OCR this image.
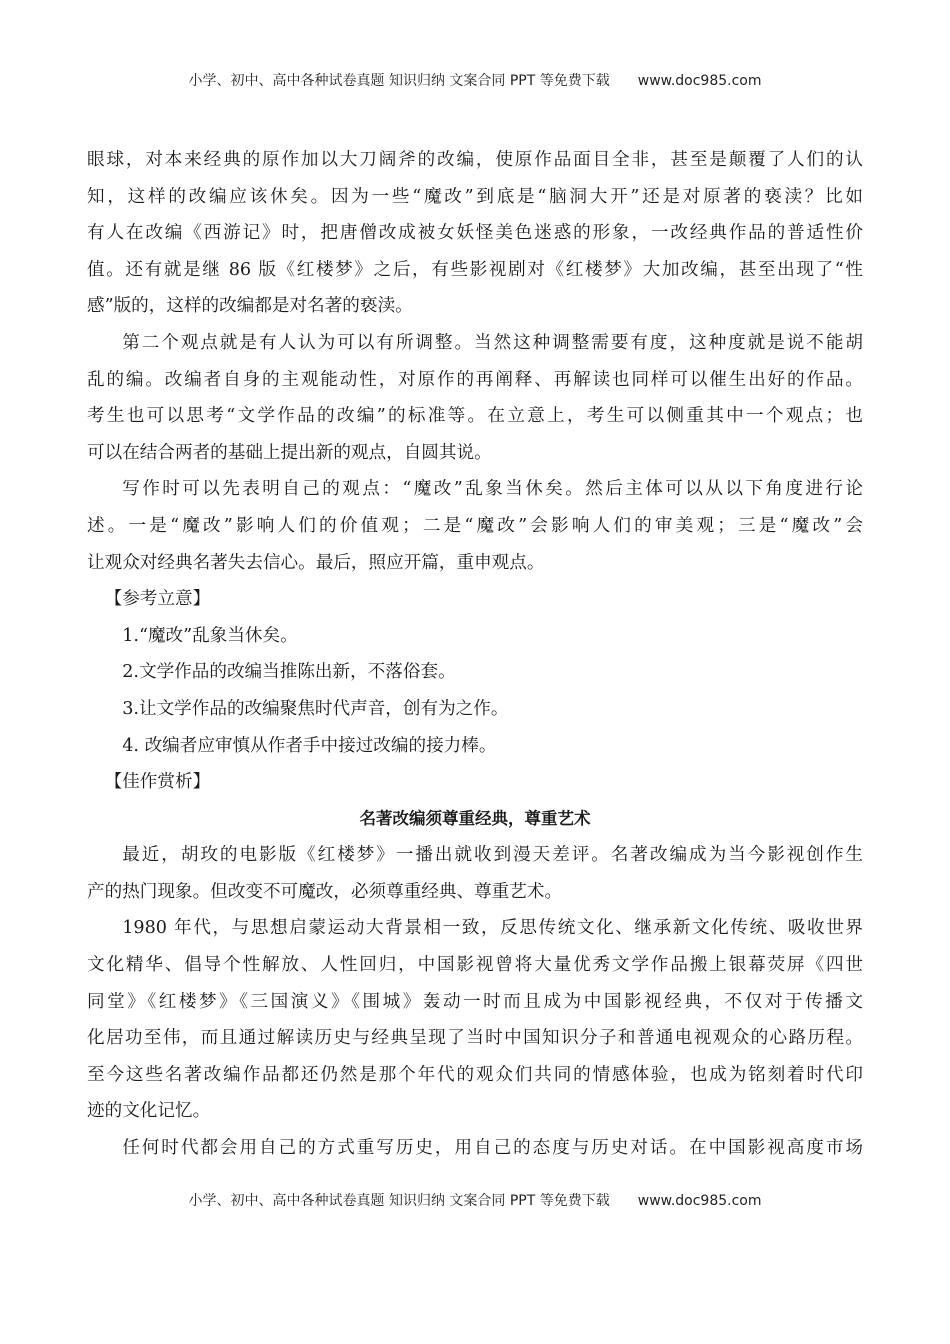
小学、初中、高中各种试卷真题 知识归纳 文案合同 PPT 等免费下载 www.doc985.com

眼球，对本来经典的原作加以大刀阔斧的改编，使原作品面目全非，甚至是颠覆了人们的认
知，这样的改编应该休矣。因为一些“魔改”到底是“脑洞大开”还是对原著的亵渎？比如
有人在改编《西游记》时，把唐僧改成被女妖怪美色迷惑的形象，一改经典作品的普适性价
值。还有就是继 86 版《红楼梦》之后，有些影视剧对《红楼梦》大加改编，甚至出现了“性
感”版的，这样的改编都是对名著的亵渎。

第二个观点就是有人认为可以有所调整。当然这种调整需要有度，这种度就是说不能胡
乱的编。改编者自身的主观能动性，对原作的再阐释、再解读也同样可以催生出好的作品。
考生也可以思考“文学作品的改编”的标准等。在立意上，考生可以侧重其中一个观点；也
可以在结合两者的基础上提出新的观点，自圆其说。

写作时可以先表明自己的观点：“魔改”乱象当休矣。然后主体可以从以下角度进行论
述。一是“魔改”影响人们的价值观；二是“魔改”会影响人们的审美观；三是“魔改”会
让观众对经典名著失去信心。最后，照应开篇，重申观点。

【参考立意】

1.“魔改”乱象当休矣。

2.文学作品的改编当推陈出新，不落俗套。

3.让文学作品的改编聚焦时代声音，创有为之作。

4. 改编者应审慎从作者手中接过改编的接力棒。

【佳作赏析】

名著改编须尊重经典，尊重艺术

最近，胡玫的电影版《红楼梦》一播出就收到漫天差评。名著改编成为当今影视创作生
产的热门现象。但改变不可魔改，必须尊重经典、尊重艺术。

1980 年代，与思想启蒙运动大背景相一致，反思传统文化、继承新文化传统、吸收世界
文化精华、倡导个性解放、人性回归，中国影视曾将大量优秀文学作品搬上银幕荧屏《四世
同堂》《红楼梦》《三国演义》《围城》轰动一时而且成为中国影视经典，不仅对于传播文
化居功至伟，而且通过解读历史与经典呈现了当时中国知识分子和普通电视观众的心路历程。
至今这些名著改编作品都还仍然是那个年代的观众们共同的情感体验，也成为铭刻着时代印
迹的文化记忆。

任何时代都会用自己的方式重写历史，用自己的态度与历史对话。在中国影视高度市场

小学、初中、高中各种试卷真题 知识归纳 文案合同 PPT 等免费下载 www.doc985.com
